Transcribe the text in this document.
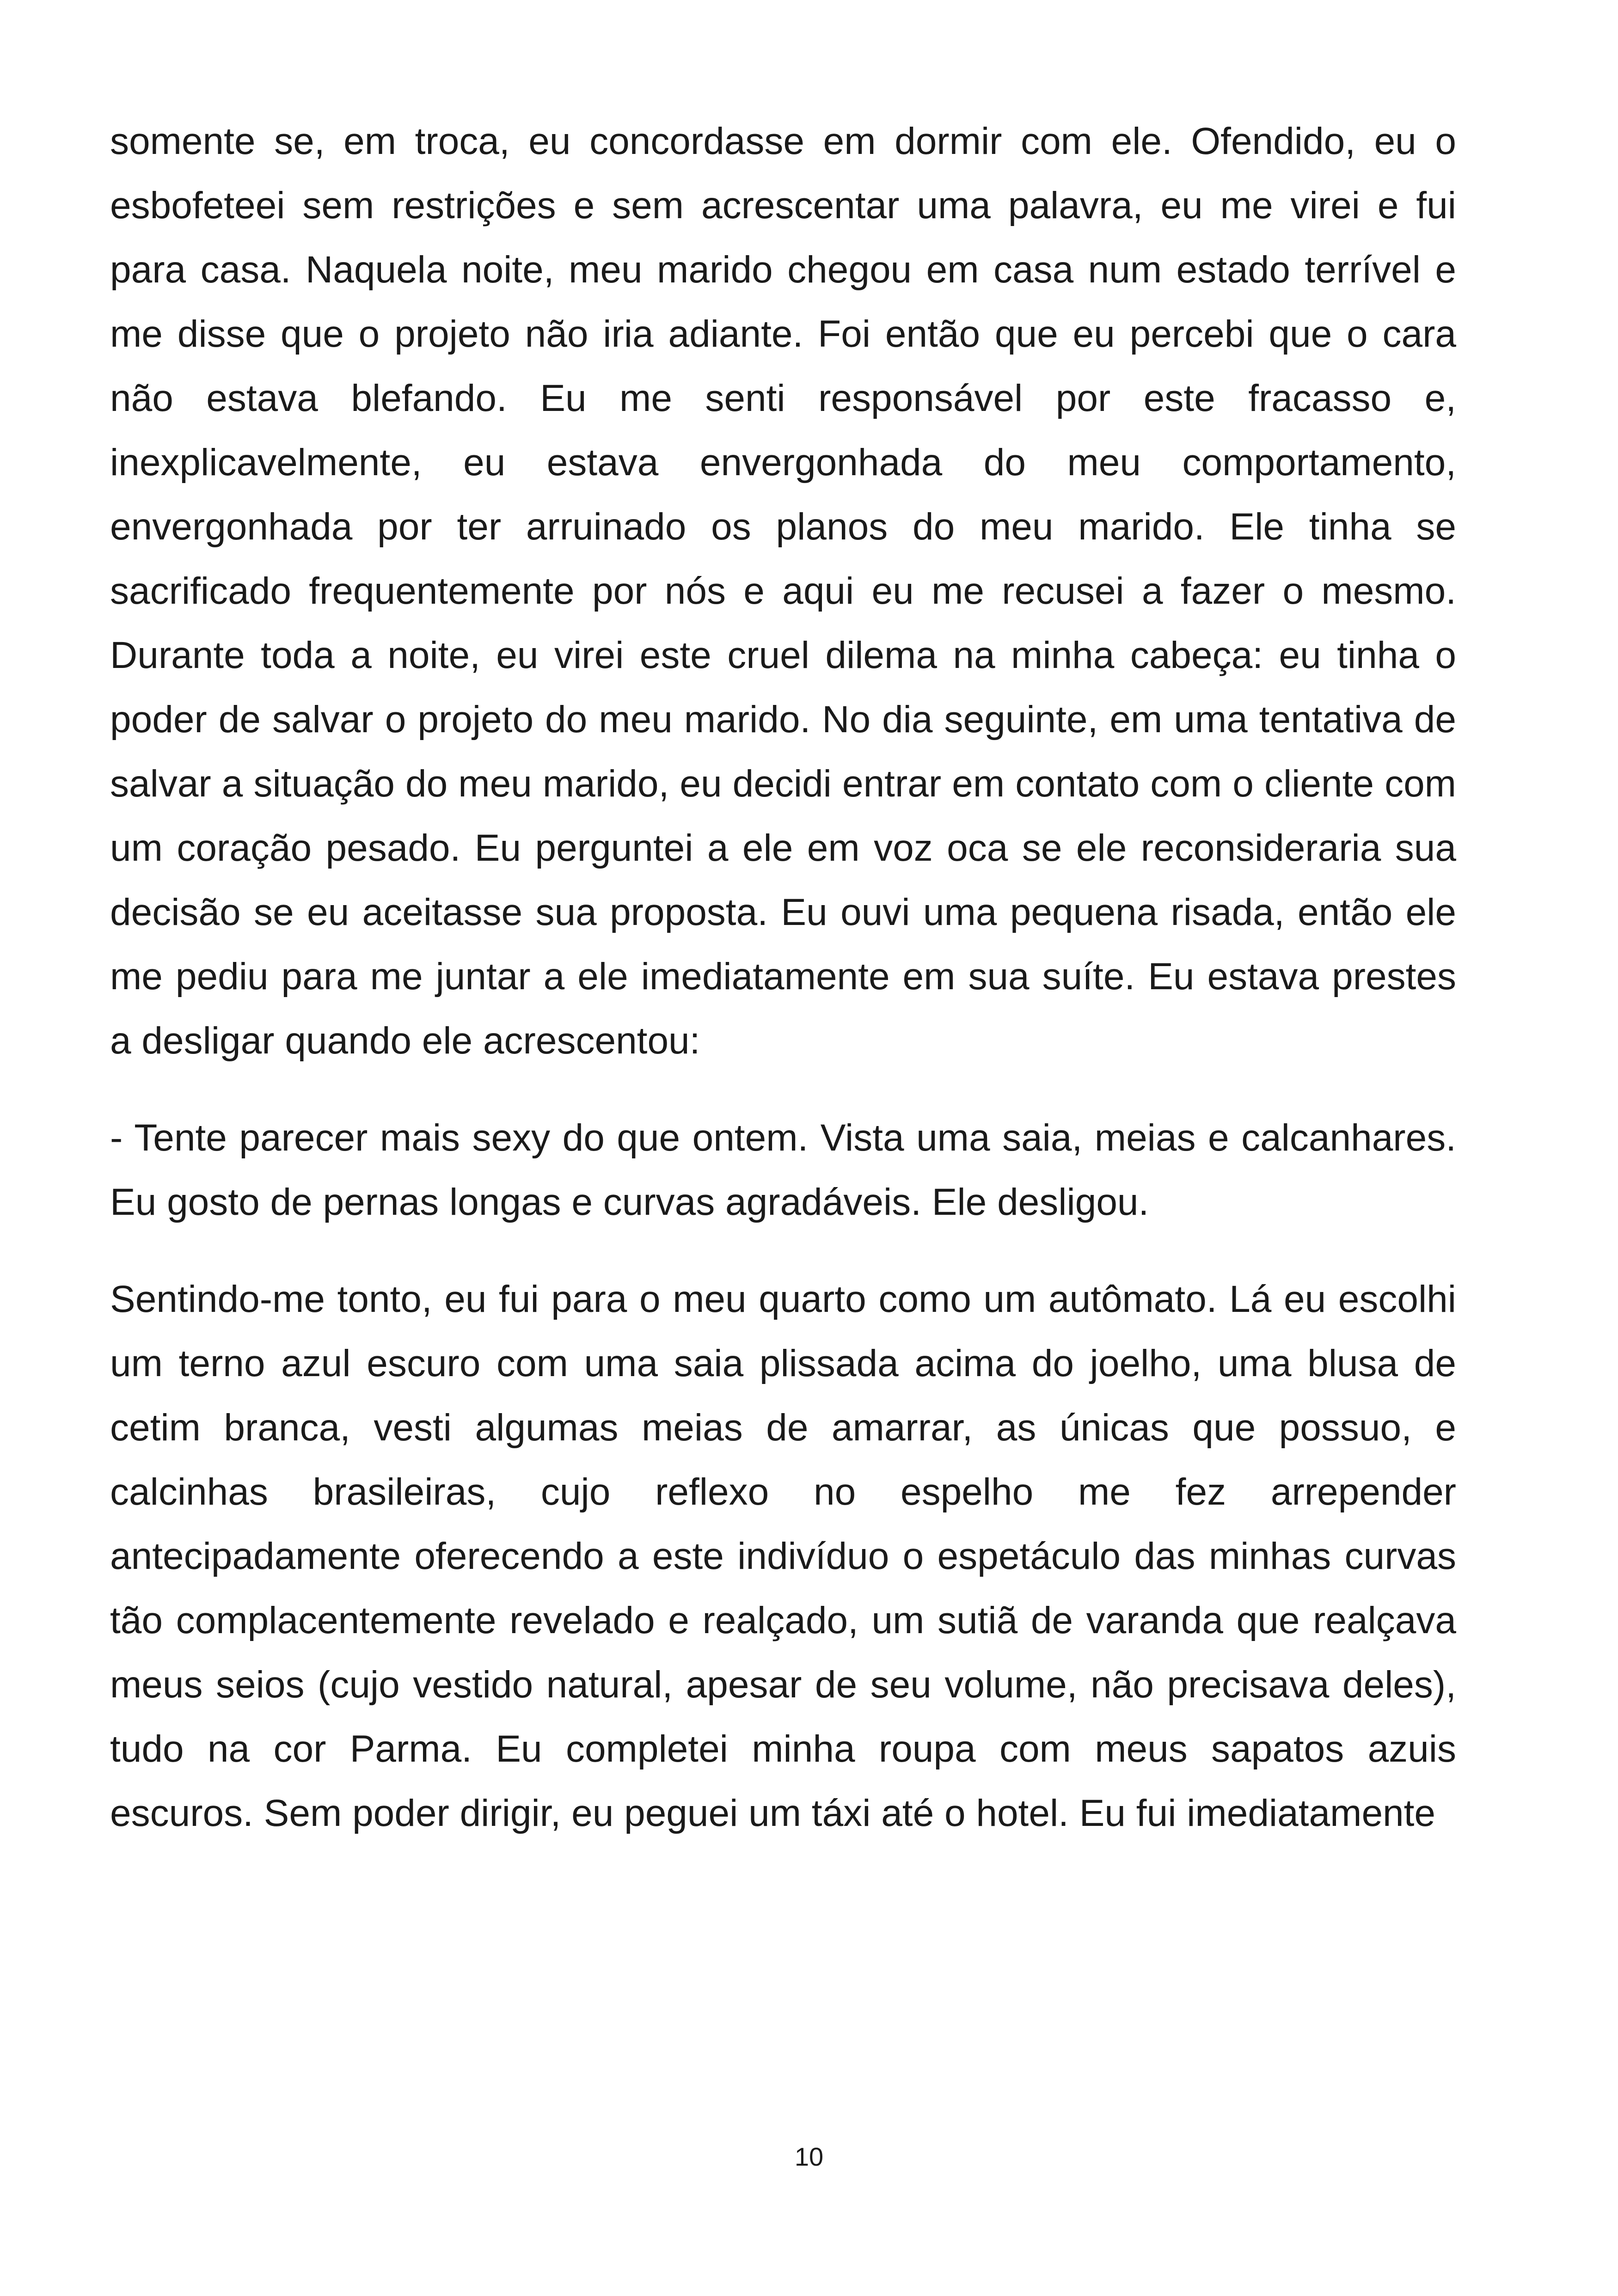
somente se, em troca, eu concordasse em dormir com ele. Ofendido, eu o esbofeteei sem restrições e sem acrescentar uma palavra, eu me virei e fui para casa. Naquela noite, meu marido chegou em casa num estado terrível e me disse que o projeto não iria adiante. Foi então que eu percebi que o cara não estava blefando. Eu me senti responsável por este fracasso e, inexplicavelmente, eu estava envergonhada do meu comportamento, envergonhada por ter arruinado os planos do meu marido. Ele tinha se sacrificado frequentemente por nós e aqui eu me recusei a fazer o mesmo. Durante toda a noite, eu virei este cruel dilema na minha cabeça: eu tinha o poder de salvar o projeto do meu marido. No dia seguinte, em uma tentativa de salvar a situação do meu marido, eu decidi entrar em contato com o cliente com um coração pesado. Eu perguntei a ele em voz oca se ele reconsideraria sua decisão se eu aceitasse sua proposta. Eu ouvi uma pequena risada, então ele me pediu para me juntar a ele imediatamente em sua suíte. Eu estava prestes a desligar quando ele acrescentou:

- Tente parecer mais sexy do que ontem. Vista uma saia, meias e calcanhares. Eu gosto de pernas longas e curvas agradáveis. Ele desligou.

Sentindo-me tonto, eu fui para o meu quarto como um autômato. Lá eu escolhi um terno azul escuro com uma saia plissada acima do joelho, uma blusa de cetim branca, vesti algumas meias de amarrar, as únicas que possuo, e calcinhas brasileiras, cujo reflexo no espelho me fez arrepender antecipadamente oferecendo a este indivíduo o espetáculo das minhas curvas tão complacentemente revelado e realçado, um sutiã de varanda que realçava meus seios (cujo vestido natural, apesar de seu volume, não precisava deles), tudo na cor Parma. Eu completei minha roupa com meus sapatos azuis escuros. Sem poder dirigir, eu peguei um táxi até o hotel. Eu fui imediatamente

10
